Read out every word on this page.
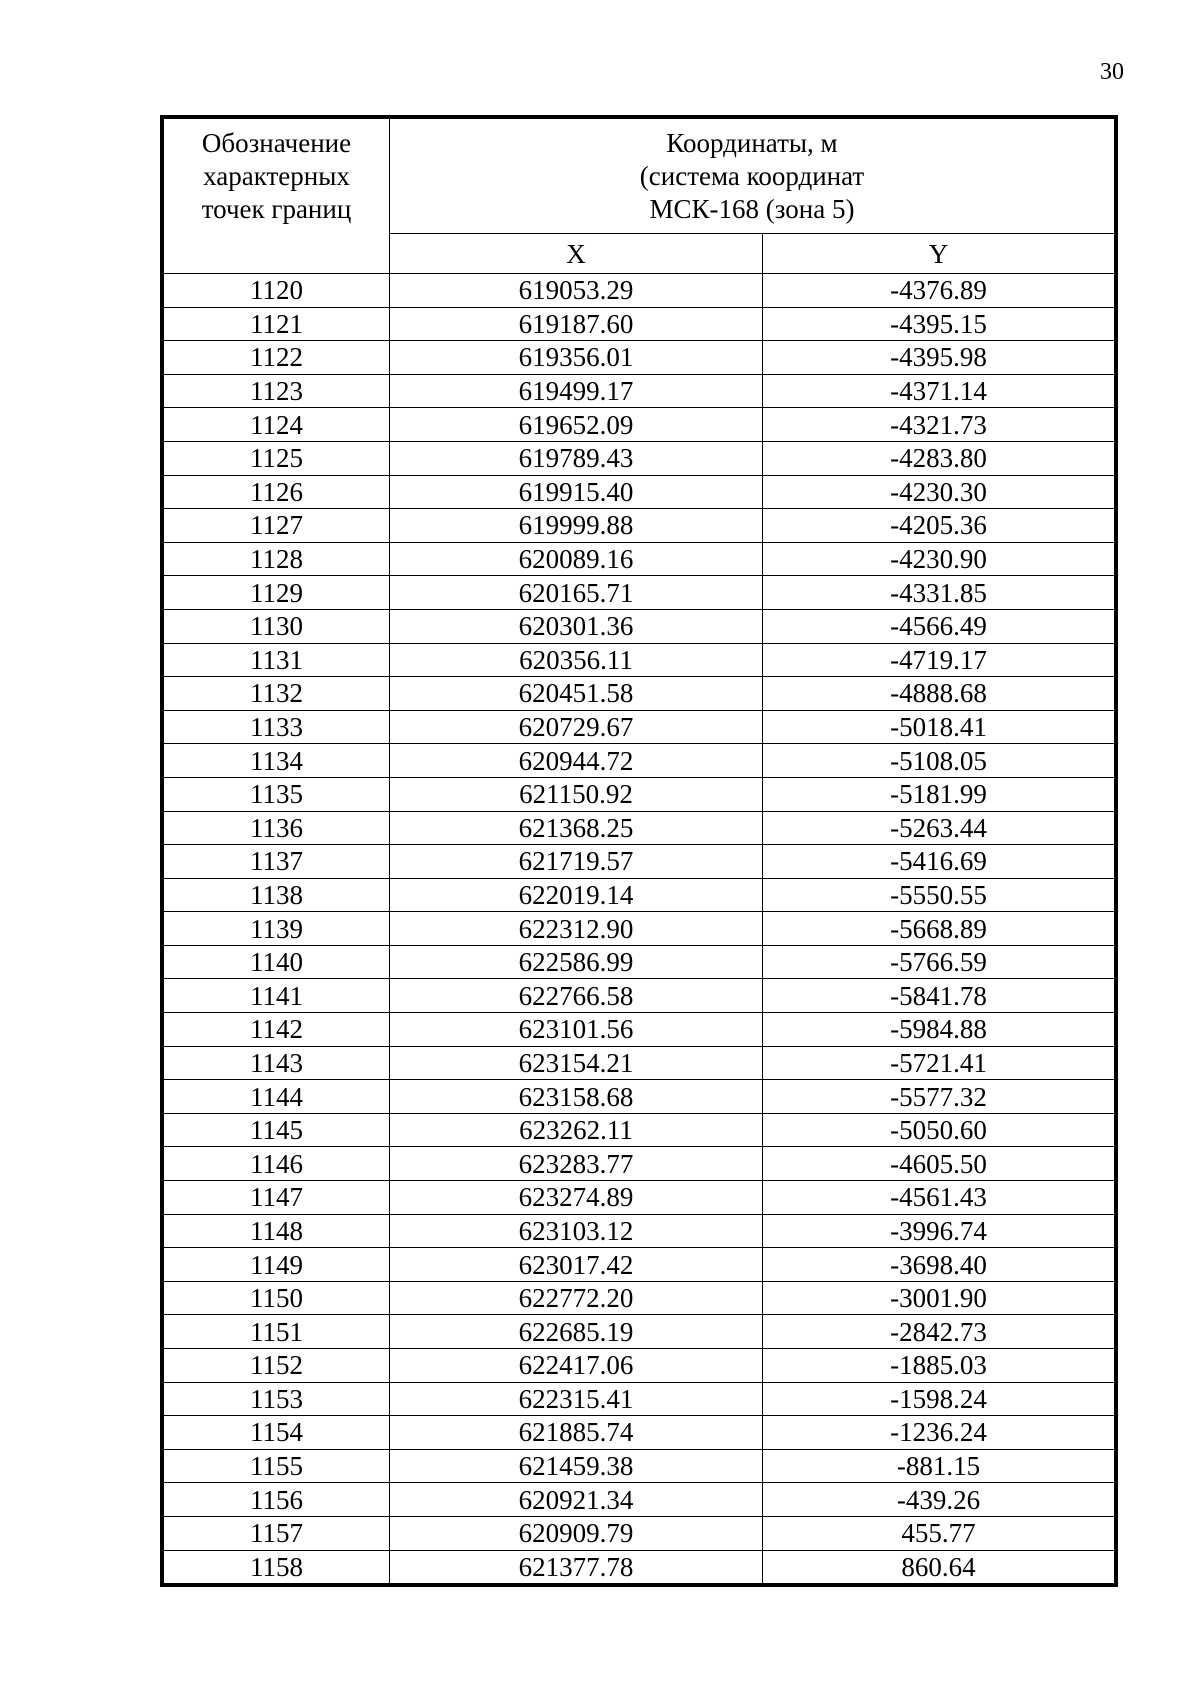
30
Обозначение
характерных
точек границ	Координаты, м
(система координат
МСК-168 (зона 5)	

	X	Y
1120	619053.29	-4376.89
1121	619187.60	-4395.15
1122	619356.01	-4395.98
1123	619499.17	-4371.14
1124	619652.09	-4321.73
1125	619789.43	-4283.80
1126	619915.40	-4230.30
1127	619999.88	-4205.36
1128	620089.16	-4230.90
1129	620165.71	-4331.85
1130	620301.36	-4566.49
1131	620356.11	-4719.17
1132	620451.58	-4888.68
1133	620729.67	-5018.41
1134	620944.72	-5108.05
1135	621150.92	-5181.99
1136	621368.25	-5263.44
1137	621719.57	-5416.69
1138	622019.14	-5550.55
1139	622312.90	-5668.89
1140	622586.99	-5766.59
1141	622766.58	-5841.78
1142	623101.56	-5984.88
1143	623154.21	-5721.41
1144	623158.68	-5577.32
1145	623262.11	-5050.60
1146	623283.77	-4605.50
1147	623274.89	-4561.43
1148	623103.12	-3996.74
1149	623017.42	-3698.40
1150	622772.20	-3001.90
1151	622685.19	-2842.73
1152	622417.06	-1885.03
1153	622315.41	-1598.24
1154	621885.74	-1236.24
1155	621459.38	-881.15
1156	620921.34	-439.26
1157	620909.79	455.77
1158	621377.78	860.64
